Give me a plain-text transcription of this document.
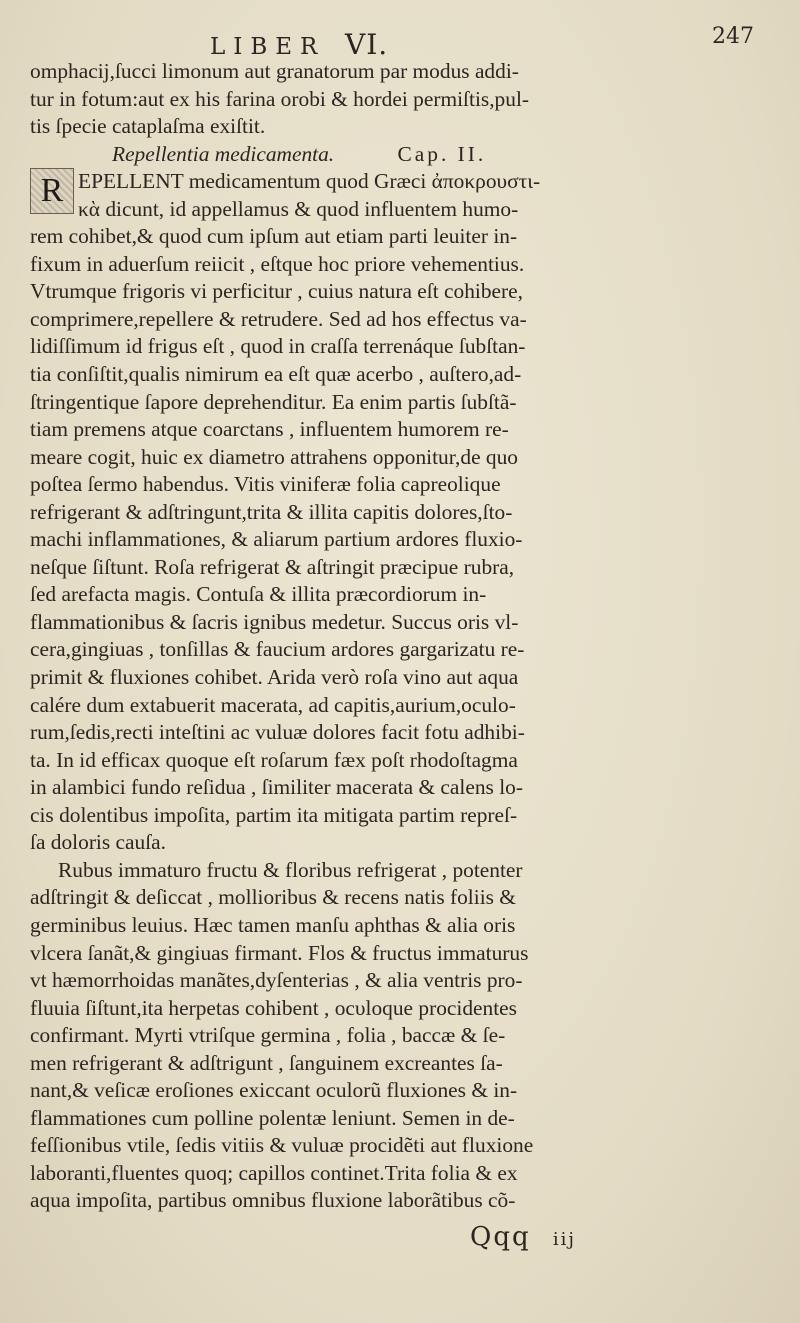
LIBER VI.	247
omphacij,ſucci limonum aut granatorum par modus addi-
tur in fotum:aut ex his farina orobi & hordei permiſtis,pul-
tis ſpecie cataplaſma exiſtit.
Repellentia medicamenta.	Cap. II.
R EPELLENT medicamentum quod Græci ἀποκρουστι-
κὰ dicunt, id appellamus & quod influentem humo-
rem cohibet,& quod cum ipſum aut etiam parti leuiter in-
fixum in aduerſum reiicit , eſtque hoc priore vehementius.
Vtrumque frigoris vi perficitur , cuius natura eſt cohibere,
comprimere,repellere & retrudere. Sed ad hos effectus va-
lidiſſimum id frigus eſt , quod in craſſa terrenáque ſubſtan-
tia conſiſtit,qualis nimirum ea eſt quæ acerbo , auſtero,ad-
ſtringentique ſapore deprehenditur. Ea enim partis ſubſtã-
tiam premens atque coarctans , influentem humorem re-
meare cogit, huic ex diametro attrahens opponitur,de quo
poſtea ſermo habendus. Vitis viniferæ folia capreolique
refrigerant & adſtringunt,trita & illita capitis dolores,ſto-
machi inflammationes, & aliarum partium ardores fluxio-
neſque ſiſtunt. Roſa refrigerat & aſtringit præcipue rubra,
ſed arefacta magis. Contuſa & illita præcordiorum in-
flammationibus & ſacris ignibus medetur. Succus oris vl-
cera,gingiuas , tonſillas & faucium ardores gargarizatu re-
primit & fluxiones cohibet. Arida verò roſa vino aut aqua
calére dum extabuerit macerata, ad capitis,aurium,oculo-
rum,ſedis,recti inteſtini ac vuluæ dolores facit fotu adhibi-
ta. In id efficax quoque eſt roſarum fæx poſt rhodoſtagma
in alambici fundo reſidua , ſimiliter macerata & calens lo-
cis dolentibus impoſita, partim ita mitigata partim repreſ-
ſa doloris cauſa.
Rubus immaturo fructu & floribus refrigerat , potenter
adſtringit & deſiccat , mollioribus & recens natis foliis &
germinibus leuius. Hæc tamen manſu aphthas & alia oris
vlcera ſanãt,& gingiuas firmant. Flos & fructus immaturus
vt hæmorrhoidas manãtes,dyſenterias , & alia ventris pro-
fluuia ſiſtunt,ita herpetas cohibent , ocυloque procidentes
confirmant. Myrti vtriſque germina , folia , baccæ & ſe-
men refrigerant & adſtrigunt , ſanguinem excreantes ſa-
nant,& veſicæ eroſiones exiccant oculorũ fluxiones & in-
flammationes cum polline polentæ leniunt. Semen in de-
feſſionibus vtile, ſedis vitiis & vuluæ procidẽti aut fluxione
laboranti,fluentes quoq; capillos continet.Trita folia & ex
aqua impoſita, partibus omnibus fluxione laborãtibus cõ-
Qqq iij
